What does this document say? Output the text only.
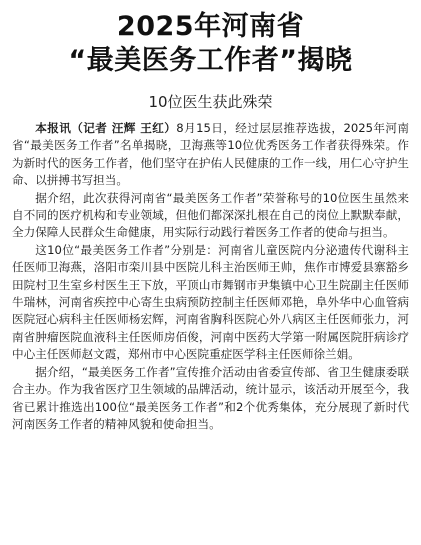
2025年河南省
“最美医务工作者”揭晓
10位医生获此殊荣

本报讯（记者 汪辉 王红）8月15日，经过层层推荐选拔，2025年河南省“最美医务工作者”名单揭晓，卫海燕等10位优秀医务工作者获得殊荣。作为新时代的医务工作者，他们坚守在护佑人民健康的工作一线，用仁心守护生命、以拼搏书写担当。

据介绍，此次获得河南省“最美医务工作者”荣誉称号的10位医生虽然来自不同的医疗机构和专业领域，但他们都深深扎根在自己的岗位上默默奉献，全力保障人民群众生命健康，用实际行动践行着医务工作者的使命与担当。

这10位“最美医务工作者”分别是：河南省儿童医院内分泌遗传代谢科主任医师卫海燕，洛阳市栾川县中医院儿科主治医师王帅，焦作市博爱县寨豁乡田院村卫生室乡村医生王下放，平顶山市舞钢市尹集镇中心卫生院副主任医师牛瑞林，河南省疾控中心寄生虫病预防控制主任医师邓艳，阜外华中心血管病医院冠心病科主任医师杨宏辉，河南省胸科医院心外八病区主任医师张力，河南省肿瘤医院血液科主任医师房佰俊，河南中医药大学第一附属医院肝病诊疗中心主任医师赵文霞，郑州市中心医院重症医学科主任医师徐兰娟。

据介绍，“最美医务工作者”宣传推介活动由省委宣传部、省卫生健康委联合主办。作为我省医疗卫生领域的品牌活动，统计显示，该活动开展至今，我省已累计推选出100位“最美医务工作者”和2个优秀集体，充分展现了新时代河南医务工作者的精神风貌和使命担当。
